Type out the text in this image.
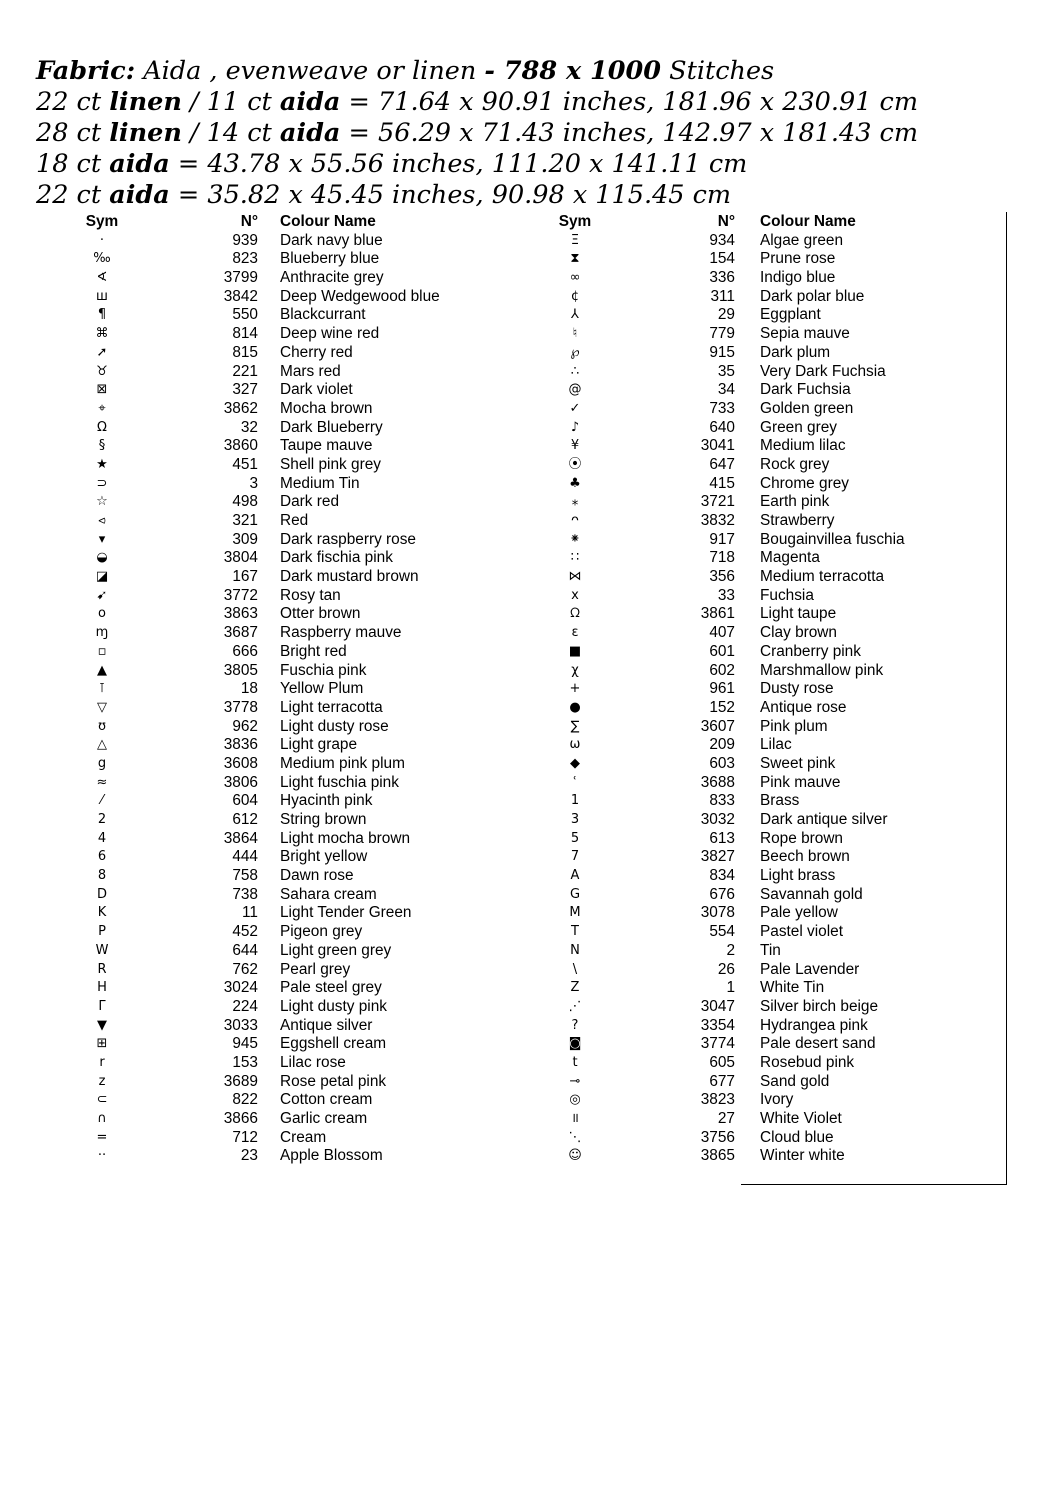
Fabric: Aida , evenweave or linen - 788 x 1000 Stitches
22 ct linen / 11 ct aida = 71.64 x 90.91 inches, 181.96 x 230.91 cm
28 ct linen / 14 ct aida = 56.29 x 71.43 inches, 142.97 x 181.43 cm
18 ct aida = 43.78 x 55.56 inches, 111.20 x 141.11 cm
22 ct aida = 35.82 x 45.45 inches, 90.98 x 115.45 cm
Sym	N° Colour Name
·	939 Dark navy blue
‰	823 Blueberry blue
∢	3799 Anthracite grey
ш	3842 Deep Wedgewood blue
¶	550 Blackcurrant
⌘	814 Deep wine red
➚	815 Cherry red
♉	221 Mars red
⊠	327 Dark violet
⌖	3862 Mocha brown
Ω	32 Dark Blueberry
§	3860 Taupe mauve
★	451 Shell pink grey
⊃	3 Medium Tin
☆	498 Dark red
⪦	321 Red
▾	309 Dark raspberry rose
◒	3804 Dark fischia pink
◪	167 Dark mustard brown
➹	3772 Rosy tan
o	3863 Otter brown
ɱ	3687 Raspberry mauve
▫	666 Bright red
▲	3805 Fuschia pink
⊺	18 Yellow Plum
▽	3778 Light terracotta
ʊ	962 Light dusty rose
△	3836 Light grape
g	3608 Medium pink plum
≈	3806 Light fuschia pink
⁄	604 Hyacinth pink
2	612 String brown
4	3864 Light mocha brown
6	444 Bright yellow
8	758 Dawn rose
D	738 Sahara cream
K	11 Light Tender Green
P	452 Pigeon grey
W	644 Light green grey
R	762 Pearl grey
H	3024 Pale steel grey
Γ	224 Light dusty pink
▼	3033 Antique silver
⊞	945 Eggshell cream
r	153 Lilac rose
z	3689 Rose petal pink
⊂	822 Cotton cream
∩	3866 Garlic cream
=	712 Cream
··	23 Apple Blossom
Sym	N° Colour Name
Ξ	934 Algae green
⧗	154 Prune rose
∞	336 Indigo blue
¢	311 Dark polar blue
⅄	29 Eggplant
♮	779 Sepia mauve
℘	915 Dark plum
∴	35 Very Dark Fuchsia
@	34 Dark Fuchsia
✓	733 Golden green
♪	640 Green grey
¥	3041 Medium lilac
⦿	647 Rock grey
♣	415 Chrome grey
⁎	3721 Earth pink
ᴖ	3832 Strawberry
⁕	917 Bougainvillea fuschia
∷	718 Magenta
⋈	356 Medium terracotta
x	33 Fuchsia
ᘯ	3861 Light taupe
ε	407 Clay brown
■	601 Cranberry pink
χ	602 Marshmallow pink
+	961 Dusty rose
●	152 Antique rose
∑	3607 Pink plum
ω	209 Lilac
◆	603 Sweet pink
ʿ	3688 Pink mauve
1	833 Brass
3	3032 Dark antique silver
5	613 Rope brown
7	3827 Beech brown
A	834 Light brass
G	676 Savannah gold
M	3078 Pale yellow
T	554 Pastel violet
N	2 Tin
\	26 Pale Lavender
Z	1 White Tin
⋰	3047 Silver birch beige
?	3354 Hydrangea pink
◙	3774 Pale desert sand
t	605 Rosebud pink
⊸	677 Sand gold
◎	3823 Ivory
॥	27 White Violet
⋱	3756 Cloud blue
☺	3865 Winter white
